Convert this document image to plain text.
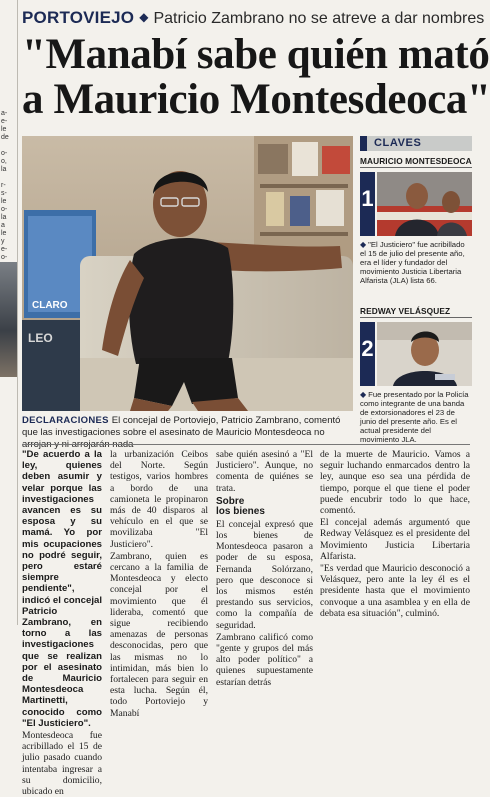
a-
e-
le
de
o-
o,
la
r-
s-
le
o-
la
a
le
y
e-
o-
PORTOVIEJO ◆ Patricio Zambrano no se atreve a dar nombres
"Manabí sabe quién mató
a Mauricio Montesdeoca"
CLARO
LEO
DECLARACIONES El concejal de Portoviejo, Patricio Zambrano, comentó que las investigaciones sobre el asesinato de Mauricio Montesdeoca no

"De acuerdo a la ley, quienes deben asumir y velar porque las investigaciones avancen es su esposa y su mamá. Yo por mis ocupaciones no podré seguir, pero estaré siempre pendiente", indicó el concejal Patricio Zambrano, en torno a las investigaciones que se realizan por el asesinato de Mauricio Montesdeoca Martinetti, conocido como "El Justiciero".

Montesdeoca fue acribillado el 15 de julio pasado cuando intentaba ingresar a su domicilio, ubicado en

la urbanización Ceibos del Norte. Según testigos, varios hombres a bordo de una camioneta le propinaron más de 40 disparos al vehículo en el que se movilizaba "El Justiciero".

Zambrano, quien es cercano a la familia de Montesdeoca y electo concejal por el movimiento que él lideraba, comentó que sigue recibiendo amenazas de personas desconocidas, pero que las mismas no lo intimidan, más bien lo fortalecen para seguir en esta lucha. Según él, todo Portoviejo y Manabí

sabe quién asesinó a "El Justiciero". Aunque, no comenta de quiénes se trata.

Sobre
los bienes

El concejal expresó que los bienes de Montesdeoca pasaron a poder de su esposa, Fernanda Solórzano, pero que desconoce si los mismos estén prestando sus servicios, como la compañía de seguridad.

Zambrano calificó como "gente y grupos del más alto poder político" a quienes supuestamente estarían detrás

de la muerte de Mauricio. Vamos a seguir luchando enmarcados dentro la ley, aunque eso sea una pérdida de tiempo, porque el que tiene el poder puede encubrir todo lo que hace, comentó.

El concejal además argumentó que Redway Velásquez es el presidente del Movimiento Justicia Libertaria Alfarista.

"Es verdad que Mauricio desconoció a Velásquez, pero ante la ley él es el presidente hasta que el movimiento convoque a una asamblea y en ella de debata esa situación", culminó.

CLAVES
MAURICIO MONTESDEOCA
1
◆ "El Justiciero" fue acribillado el 15 de julio del presente año, era el líder y fundador del movimiento Justicia Libertaria Alfarista (JLA) lista 66.
REDWAY VELÁSQUEZ
2
◆ Fue presentado por la Policía como integrante de una banda de extorsionadores el 23 de junio del presente año. Es el actual presidente del movimiento JLA.
